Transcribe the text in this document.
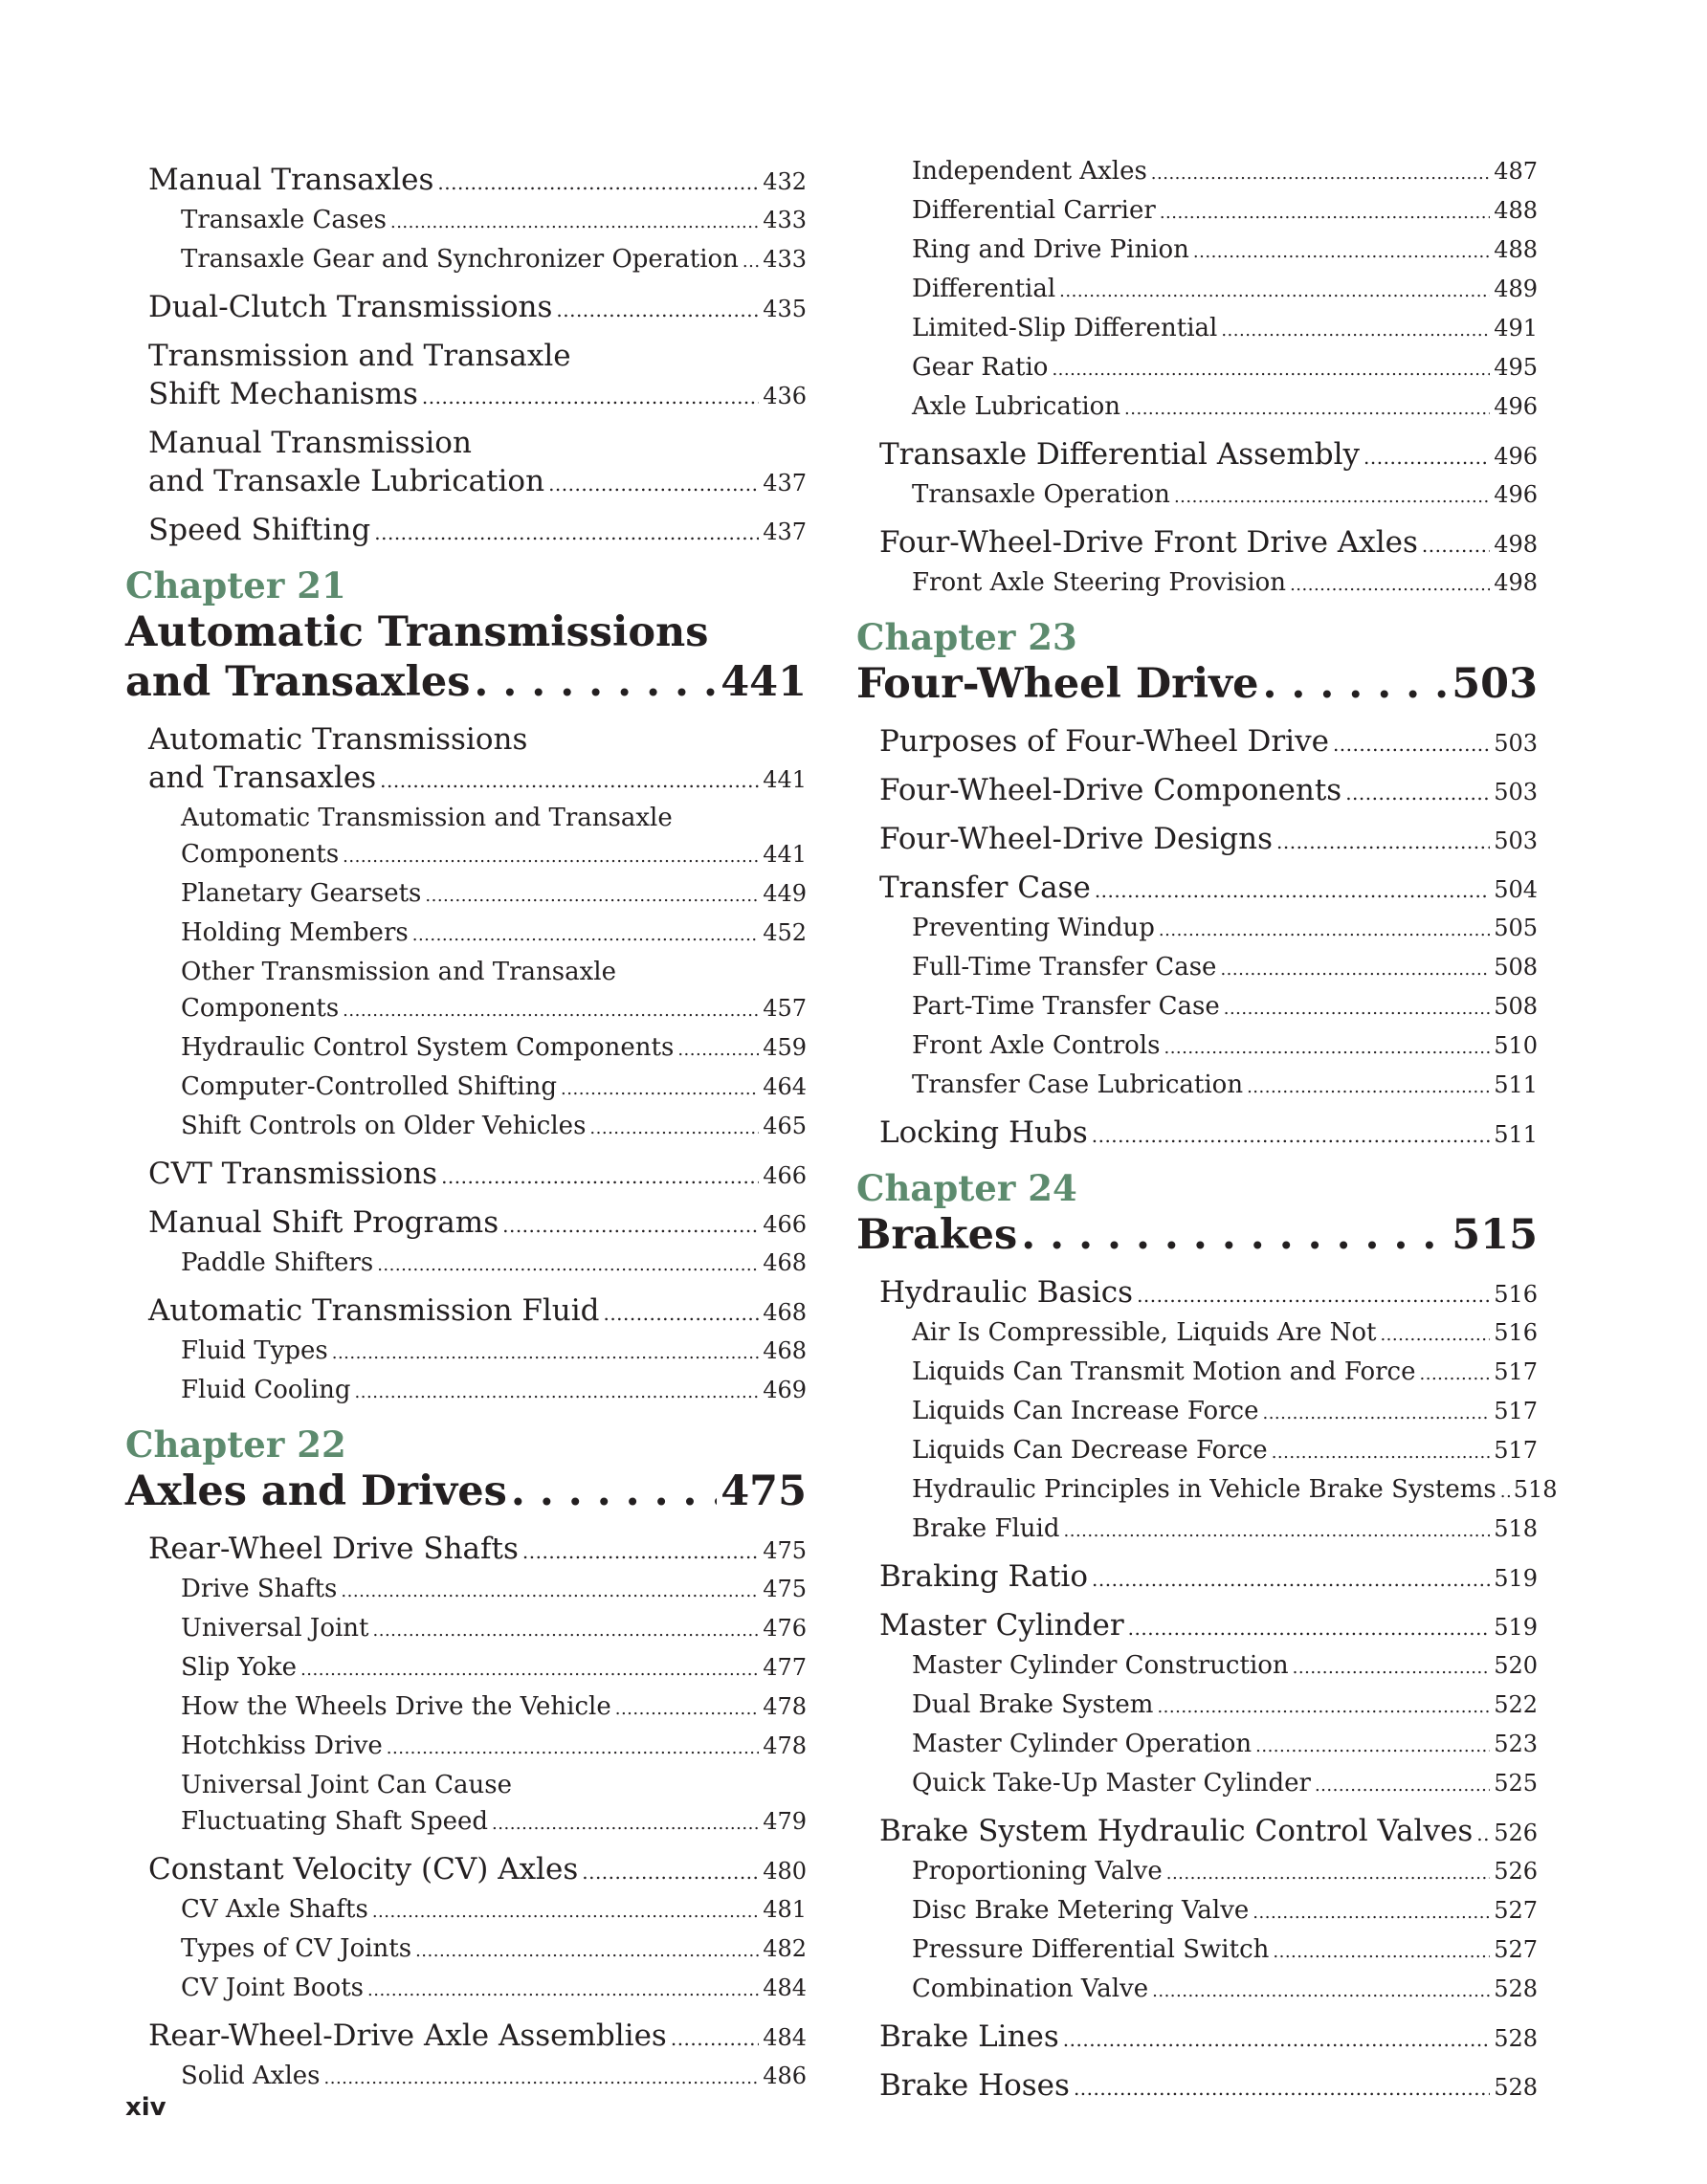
Manual Transaxles .....	432
Transaxle Cases .....	433
Transaxle Gear and Synchronizer Operation ..... 433
Dual-Clutch Transmissions .....	435
Transmission and Transaxle
Shift Mechanisms .....	436
Manual Transmission
and Transaxle Lubrication .....	437
Speed Shifting .....	437
Chapter 21
Automatic Transmissions
and Transaxles . . .	441
Automatic Transmissions
and Transaxles .....	441
Automatic Transmission and Transaxle
Components .....	441
Planetary Gearsets .....	449
Holding Members .....	452
Other Transmission and Transaxle
Components .....	457
Hydraulic Control System Components .....	459
Computer-Controlled Shifting .....	464
Shift Controls on Older Vehicles .....	465
CVT Transmissions .....	466
Manual Shift Programs .....	466
Paddle Shifters .....	468
Automatic Transmission Fluid .....	468
Fluid Types .....	468
Fluid Cooling .....	469
Chapter 22
Axles and Drives . . .	475
Rear-Wheel Drive Shafts .....	475
Drive Shafts .....	475
Universal Joint .....	476
Slip Yoke .....	477
How the Wheels Drive the Vehicle .....	478
Hotchkiss Drive .....	478
Universal Joint Can Cause
Fluctuating Shaft Speed .....	479
Constant Velocity (CV) Axles .....	480
CV Axle Shafts .....	481
Types of CV Joints .....	482
CV Joint Boots .....	484
Rear-Wheel-Drive Axle Assemblies .....	484
Solid Axles .....	486
Independent Axles .....	487
Differential Carrier .....	488
Ring and Drive Pinion .....	488
Differential .....	489
Limited-Slip Differential .....	491
Gear Ratio .....	495
Axle Lubrication .....	496
Transaxle Differential Assembly .....	496
Transaxle Operation .....	496
Four-Wheel-Drive Front Drive Axles .....	498
Front Axle Steering Provision .....	498
Chapter 23
Four-Wheel Drive . . .	503
Purposes of Four-Wheel Drive .....	503
Four-Wheel-Drive Components .....	503
Four-Wheel-Drive Designs .....	503
Transfer Case .....	504
Preventing Windup .....	505
Full-Time Transfer Case .....	508
Part-Time Transfer Case .....	508
Front Axle Controls .....	510
Transfer Case Lubrication .....	511
Locking Hubs .....	511
Chapter 24
Brakes . . .	515
Hydraulic Basics .....	516
Air Is Compressible, Liquids Are Not .....	516
Liquids Can Transmit Motion and Force .....	517
Liquids Can Increase Force .....	517
Liquids Can Decrease Force .....	517
Hydraulic Principles in Vehicle Brake Systems ..... 518
Brake Fluid .....	518
Braking Ratio .....	519
Master Cylinder .....	519
Master Cylinder Construction .....	520
Dual Brake System .....	522
Master Cylinder Operation .....	523
Quick Take-Up Master Cylinder .....	525
Brake System Hydraulic Control Valves ..... 526
Proportioning Valve .....	526
Disc Brake Metering Valve .....	527
Pressure Differential Switch .....	527
Combination Valve .....	528
Brake Lines .....	528
Brake Hoses .....	528
xiv
